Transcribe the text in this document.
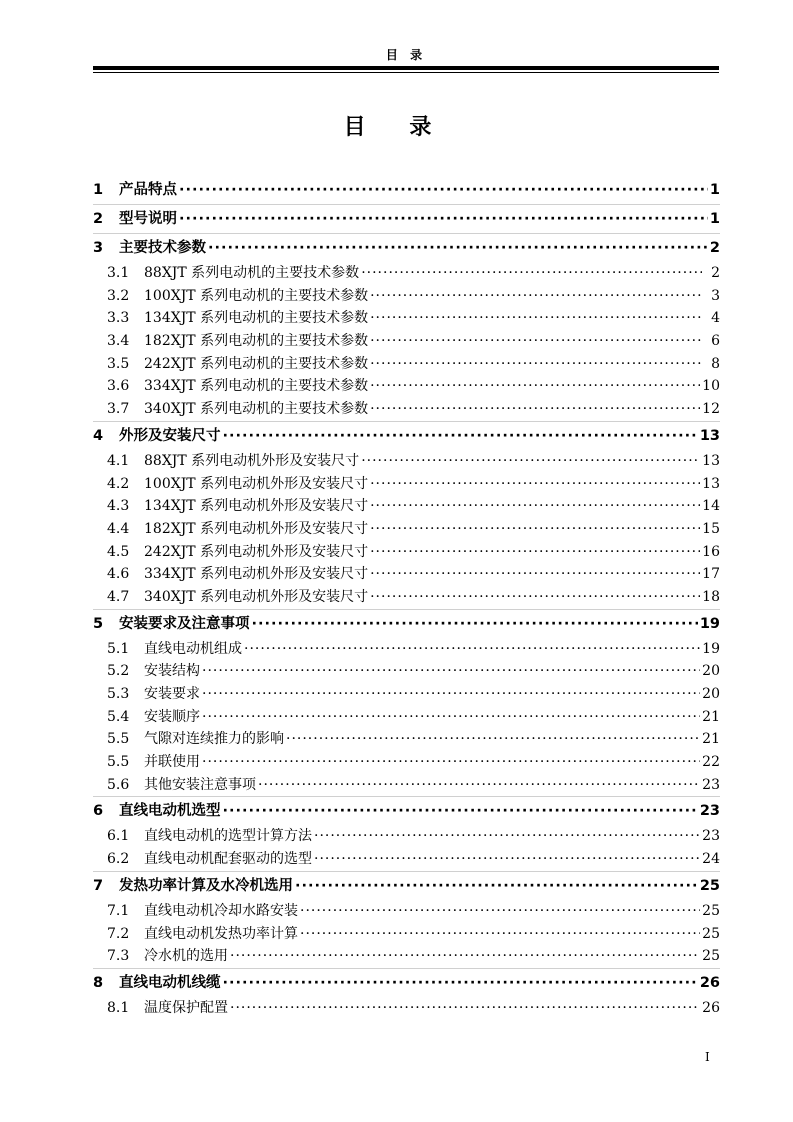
目 录
目 录
1	产品特点 ·····	1
2	型号说明 ·····	1
3	主要技术参数 ·····	2
3.1	88XJT 系列电动机的主要技术参数 ·····	2
3.2	100XJT 系列电动机的主要技术参数 ·····	3
3.3	134XJT 系列电动机的主要技术参数 ·····	4
3.4	182XJT 系列电动机的主要技术参数 ·····	6
3.5	242XJT 系列电动机的主要技术参数 ·····	8
3.6	334XJT 系列电动机的主要技术参数 ·····	10
3.7	340XJT 系列电动机的主要技术参数 ·····	12
4	外形及安装尺寸 ·····	13
4.1	88XJT 系列电动机外形及安装尺寸 ·····	13
4.2	100XJT 系列电动机外形及安装尺寸 ·····	13
4.3	134XJT 系列电动机外形及安装尺寸 ·····	14
4.4	182XJT 系列电动机外形及安装尺寸 ·····	15
4.5	242XJT 系列电动机外形及安装尺寸 ·····	16
4.6	334XJT 系列电动机外形及安装尺寸 ·····	17
4.7	340XJT 系列电动机外形及安装尺寸 ·····	18
5	安装要求及注意事项 ·····	19
5.1	直线电动机组成 ·····	19
5.2	安装结构 ·····	20
5.3	安装要求 ·····	20
5.4	安装顺序 ·····	21
5.5	气隙对连续推力的影响 ·····	21
5.5	并联使用 ·····	22
5.6	其他安装注意事项 ·····	23
6	直线电动机选型 ·····	23
6.1	直线电动机的选型计算方法 ·····	23
6.2	直线电动机配套驱动的选型 ·····	24
7	发热功率计算及水冷机选用 ·····	25
7.1	直线电动机冷却水路安装 ·····	25
7.2	直线电动机发热功率计算 ·····	25
7.3	冷水机的选用 ·····	25
8	直线电动机线缆 ·····	26
8.1	温度保护配置 ·····	26
I
